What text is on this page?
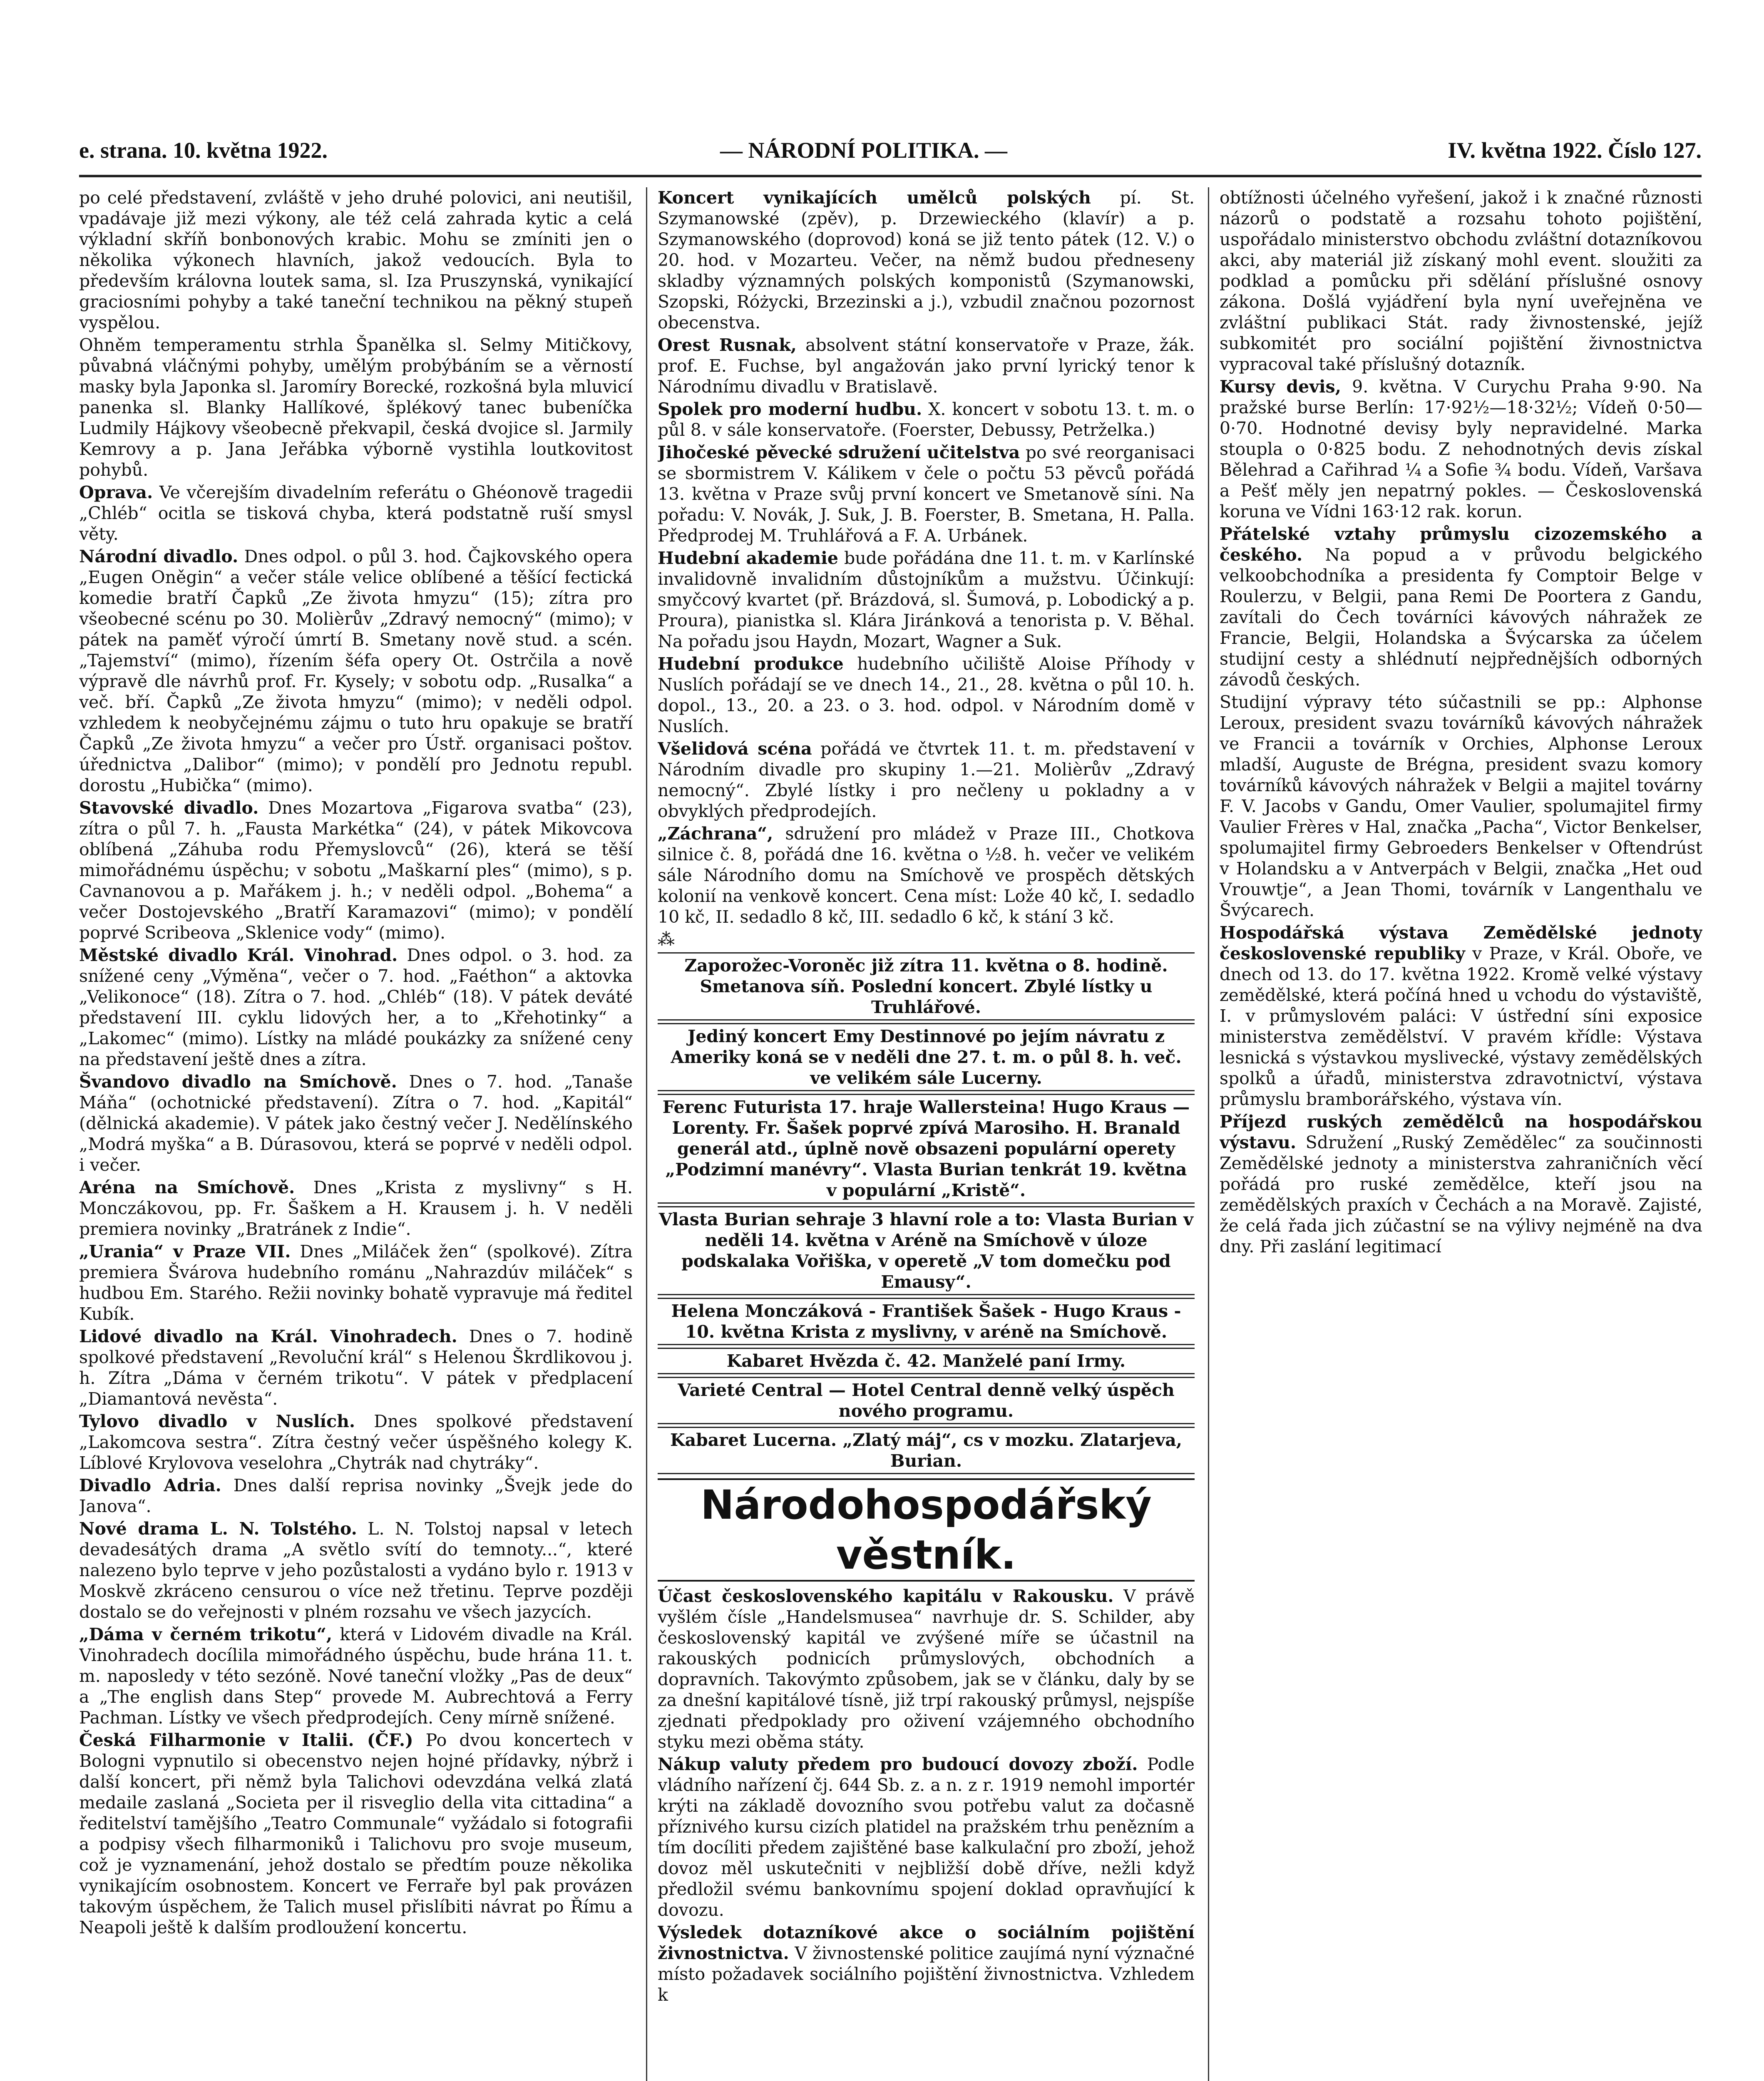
e. strana. 10. května 1922.	— NÁRODNÍ POLITIKA. —	IV. května 1922. Číslo 127.

po celé představení, zvláště v jeho druhé polovici, ani neutišil, vpadávaje již mezi výkony, ale též celá zahrada kytic a celá výkladní skříň bonbonových krabic. Mohu se zmíniti jen o několika výkonech hlavních, jakož vedoucích. Byla to především královna loutek sama, sl. Iza Pruszynská, vynikající graciosními pohyby a také taneční technikou na pěkný stupeň vyspělou.

Ohněm temperamentu strhla Španělka sl. Selmy Mitičkovy, půvabná vláčnými pohyby, umělým probýbáním se a věrností masky byla Japonka sl. Jaromíry Borecké, rozkošná byla mluvicí panenka sl. Blanky Hallíkové, šplékový tanec bubeníčka Ludmily Hájkovy všeobecně překvapil, česká dvojice sl. Jarmily Kemrovy a p. Jana Jeřábka výborně vystihla loutkovitost pohybů.

Oprava. Ve včerejším divadelním referátu o Ghéonově tragedii „Chléb“ ocitla se tisková chyba, která podstatně ruší smysl věty.

Národní divadlo. Dnes odpol. o půl 3. hod. Čajkovského opera „Eugen Oněgin“ a večer stále velice oblíbené a těšící fectická komedie bratří Čapků „Ze života hmyzu“ (15); zítra pro všeobecné scénu po 30. Molièrův „Zdravý nemocný“ (mimo); v pátek na paměť výročí úmrtí B. Smetany nově stud. a scén. „Tajemství“ (mimo), řízením šéfa opery Ot. Ostrčila a nově výpravě dle návrhů prof. Fr. Kysely; v sobotu odp. „Rusalka“ a več. bří. Čapků „Ze života hmyzu“ (mimo); v neděli odpol. vzhledem k neobyčejnému zájmu o tuto hru opakuje se bratří Čapků „Ze života hmyzu“ a večer pro Ústř. organisaci poštov. úřednictva „Dalibor“ (mimo); v pondělí pro Jednotu republ. dorostu „Hubička“ (mimo).

Stavovské divadlo. Dnes Mozartova „Figarova svatba“ (23), zítra o půl 7. h. „Fausta Markétka“ (24), v pátek Mikovcova oblíbená „Záhuba rodu Přemyslovců“ (26), která se těší mimořádnému úspěchu; v sobotu „Maškarní ples“ (mimo), s p. Cavnanovou a p. Mařákem j. h.; v neděli odpol. „Bohema“ a večer Dostojevského „Bratří Karamazovi“ (mimo); v pondělí poprvé Scribeova „Sklenice vody“ (mimo).

Městské divadlo Král. Vinohrad. Dnes odpol. o 3. hod. za snížené ceny „Výměna“, večer o 7. hod. „Faéthon“ a aktovka „Velikonoce“ (18). Zítra o 7. hod. „Chléb“ (18). V pátek deváté představení III. cyklu lidových her, a to „Křehotinky“ a „Lakomec“ (mimo). Lístky na mládé poukázky za snížené ceny na představení ještě dnes a zítra.

Švandovo divadlo na Smíchově. Dnes o 7. hod. „Tanaše Máňa“ (ochotnické představení). Zítra o 7. hod. „Kapitál“ (dělnická akademie). V pátek jako čestný večer J. Nedělínského „Modrá myška“ a B. Dúrasovou, která se poprvé v neděli odpol. i večer.

Aréna na Smíchově. Dnes „Krista z myslivny“ s H. Monczákovou, pp. Fr. Šaškem a H. Krausem j. h. V neděli premiera novinky „Bratránek z Indie“.

„Urania“ v Praze VII. Dnes „Miláček žen“ (spolkové). Zítra premiera Švárova hudebního románu „Nahrazdúv miláček“ s hudbou Em. Starého. Režii novinky bohatě vypravuje má ředitel Kubík.

Lidové divadlo na Král. Vinohradech. Dnes o 7. hodině spolkové představení „Revoluční král“ s Helenou Škrdlikovou j. h. Zítra „Dáma v černém trikotu“. V pátek v předplacení „Diamantová nevěsta“.

Tylovo divadlo v Nuslích. Dnes spolkové představení „Lakomcova sestra“. Zítra čestný večer úspěšného kolegy K. Líblové Krylovova veselohra „Chytrák nad chytráky“.

Divadlo Adria. Dnes další reprisa novinky „Švejk jede do Janova“.

Nové drama L. N. Tolstého. L. N. Tolstoj napsal v letech devadesátých drama „A světlo svítí do temnoty...“, které nalezeno bylo teprve v jeho pozůstalosti a vydáno bylo r. 1913 v Moskvě zkráceno censurou o více než třetinu. Teprve později dostalo se do veřejnosti v plném rozsahu ve všech jazycích.

„Dáma v černém trikotu“, která v Lidovém divadle na Král. Vinohradech docílila mimořádného úspěchu, bude hrána 11. t. m. naposledy v této sezóně. Nové taneční vložky „Pas de deux“ a „The english dans Step“ provede M. Aubrechtová a Ferry Pachman. Lístky ve všech předprodejích. Ceny mírně snížené.

Česká Filharmonie v Italii. (ČF.) Po dvou koncertech v Bologni vypnutilo si obecenstvo nejen hojné přídavky, nýbrž i další koncert, při němž byla Talichovi odevzdána velká zlatá medaile zaslaná „Societa per il risveglio della vita cittadina“ a ředitelství tamějšího „Teatro Communale“ vyžádalo si fotografii a podpisy všech filharmoniků i Talichovu pro svoje museum, což je vyznamenání, jehož dostalo se předtím pouze několika vynikajícím osobnostem. Koncert ve Ferraře byl pak provázen takovým úspěchem, že Talich musel přislíbiti návrat po Římu a Neapoli ještě k dalším prodloužení koncertu.

Koncert vynikajících umělců polských pí. St. Szymanowské (zpěv), p. Drzewieckého (klavír) a p. Szymanowského (doprovod) koná se již tento pátek (12. V.) o 20. hod. v Mozarteu. Večer, na němž budou předneseny skladby významných polských komponistů (Szymanowski, Szopski, Różycki, Brzezinski a j.), vzbudil značnou pozornost obecenstva.

Orest Rusnak, absolvent státní konservatoře v Praze, žák. prof. E. Fuchse, byl angažován jako první lyrický tenor k Národnímu divadlu v Bratislavě.

Spolek pro moderní hudbu. X. koncert v sobotu 13. t. m. o půl 8. v sále konservatoře. (Foerster, Debussy, Petrželka.)

Jihočeské pěvecké sdružení učitelstva po své reorganisaci se sbormistrem V. Kálikem v čele o počtu 53 pěvců pořádá 13. května v Praze svůj první koncert ve Smetanově síni. Na pořadu: V. Novák, J. Suk, J. B. Foerster, B. Smetana, H. Palla. Předprodej M. Truhlářová a F. A. Urbánek.

Hudební akademie bude pořádána dne 11. t. m. v Karlínské invalidovně invalidním důstojníkům a mužstvu. Účinkují: smyčcový kvartet (př. Brázdová, sl. Šumová, p. Lobodický a p. Proura), pianistka sl. Klára Jiránková a tenorista p. V. Běhal. Na pořadu jsou Haydn, Mozart, Wagner a Suk.

Hudební produkce hudebního učiliště Aloise Příhody v Nuslích pořádají se ve dnech 14., 21., 28. května o půl 10. h. dopol., 13., 20. a 23. o 3. hod. odpol. v Národním domě v Nuslích.

Všelidová scéna pořádá ve čtvrtek 11. t. m. představení v Národním divadle pro skupiny 1.—21. Molièrův „Zdravý nemocný“. Zbylé lístky i pro nečleny u pokladny a v obvyklých předprodejích.

„Záchrana“, sdružení pro mládež v Praze III., Chotkova silnice č. 8, pořádá dne 16. května o ½8. h. večer ve velikém sále Národního domu na Smíchově ve prospěch dětských kolonií na venkově koncert. Cena míst: Lože 40 kč, I. sedadlo 10 kč, II. sedadlo 8 kč, III. sedadlo 6 kč, k stání 3 kč.

⁂

Zaporožec-Voroněc již zítra 11. května o 8. hodině. Smetanova síň. Poslední koncert. Zbylé lístky u Truhlářové.
Jediný koncert Emy Destinnové po jejím návratu z Ameriky koná se v neděli dne 27. t. m. o půl 8. h. več. ve velikém sále Lucerny.
Ferenc Futurista 17. hraje Wallersteina! Hugo Kraus — Lorenty. Fr. Šašek poprvé zpívá Marosiho. H. Branald generál atd., úplně nově obsazeni populární operety „Podzimní manévry“. Vlasta Burian tenkrát 19. května v populární „Kristě“.
Vlasta Burian sehraje 3 hlavní role a to: Vlasta Burian v neděli 14. května v Aréně na Smíchově v úloze podskalaka Vořiška, v operetě „V tom domečku pod Emausy“.
Helena Monczáková - František Šašek - Hugo Kraus - 10. května Krista z myslivny, v aréně na Smíchově.
Kabaret Hvězda č. 42. Manželé paní Irmy.
Varieté Central — Hotel Central denně velký úspěch nového programu.
Kabaret Lucerna. „Zlatý máj“, cs v mozku. Zlatarjeva, Burian.
Národohospodářský věstník.

Účast československého kapitálu v Rakousku. V právě vyšlém čísle „Handelsmusea“ navrhuje dr. S. Schilder, aby československý kapitál ve zvýšené míře se účastnil na rakouských podnicích průmyslových, obchodních a dopravních. Takovýmto způsobem, jak se v článku, daly by se za dnešní kapitálové tísně, již trpí rakouský průmysl, nejspíše zjednati předpoklady pro oživení vzájemného obchodního styku mezi oběma státy.

Nákup valuty předem pro budoucí dovozy zboží. Podle vládního nařízení čj. 644 Sb. z. a n. z r. 1919 nemohl importér krýti na základě dovozního svou potřebu valut za dočasně příznivého kursu cizích platidel na pražském trhu penězním a tím docíliti předem zajištěné base kalkulační pro zboží, jehož dovoz měl uskutečniti v nejbližší době dříve, nežli když předložil svému bankovnímu spojení doklad opravňující k dovozu.

Výsledek dotazníkové akce o sociálním pojištění živnostnictva. V živnostenské politice zaujímá nyní význačné místo požadavek sociálního pojištění živnostnictva. Vzhledem k

obtížnosti účelného vyřešení, jakož i k značné různosti názorů o podstatě a rozsahu tohoto pojištění, uspořádalo ministerstvo obchodu zvláštní dotazníkovou akci, aby materiál již získaný mohl event. sloužiti za podklad a pomůcku při sdělání příslušné osnovy zákona. Došlá vyjádření byla nyní uveřejněna ve zvláštní publikaci Stát. rady živnostenské, jejíž subkomitét pro sociální pojištění živnostnictva vypracoval také příslušný dotazník.

Kursy devis, 9. května. V Curychu Praha 9·90. Na pražské burse Berlín: 17·92½—18·32½; Vídeň 0·50—0·70. Hodnotné devisy byly nepravidelné. Marka stoupla o 0·825 bodu. Z nehodnotných devis získal Bělehrad a Cařihrad ¼ a Sofie ¾ bodu. Vídeň, Varšava a Pešť měly jen nepatrný pokles. — Československá koruna ve Vídni 163·12 rak. korun.

Přátelské vztahy průmyslu cizozemského a českého. Na popud a v průvodu belgického velkoobchodníka a presidenta fy Comptoir Belge v Roulerzu, v Belgii, pana Remi De Poortera z Gandu, zavítali do Čech továrníci kávových náhražek ze Francie, Belgii, Holandska a Švýcarska za účelem studijní cesty a shlédnutí nejpřednějších odborných závodů českých.

Studijní výpravy této súčastnili se pp.: Alphonse Leroux, president svazu továrníků kávových náhražek ve Francii a továrník v Orchies, Alphonse Leroux mladší, Auguste de Brégna, president svazu komory továrníků kávových náhražek v Belgii a majitel továrny F. V. Jacobs v Gandu, Omer Vaulier, spolumajitel firmy Vaulier Frères v Hal, značka „Pacha“, Victor Benkelser, spolumajitel firmy Gebroeders Benkelser v Oftendrúst v Holandsku a v Antverpách v Belgii, značka „Het oud Vrouwtje“, a Jean Thomi, továrník v Langenthalu ve Švýcarech.

Hospodářská výstava Zemědělské jednoty československé republiky v Praze, v Král. Oboře, ve dnech od 13. do 17. května 1922. Kromě velké výstavy zemědělské, která počíná hned u vchodu do výstaviště, I. v průmyslovém paláci: V ústřední síni exposice ministerstva zemědělství. V pravém křídle: Výstava lesnická s výstavkou myslivecké, výstavy zemědělských spolků a úřadů, ministerstva zdravotnictví, výstava průmyslu bramborářského, výstava vín.

Příjezd ruských zemědělců na hospodářskou výstavu. Sdružení „Ruský Zemědělec“ za součinnosti Zemědělské jednoty a ministerstva zahraničních věcí pořádá pro ruské zemědělce, kteří jsou na zemědělských praxích v Čechách a na Moravě. Zajisté, že celá řada jich zúčastní se na výlivy nejméně na dva dny. Při zaslání legitimací
